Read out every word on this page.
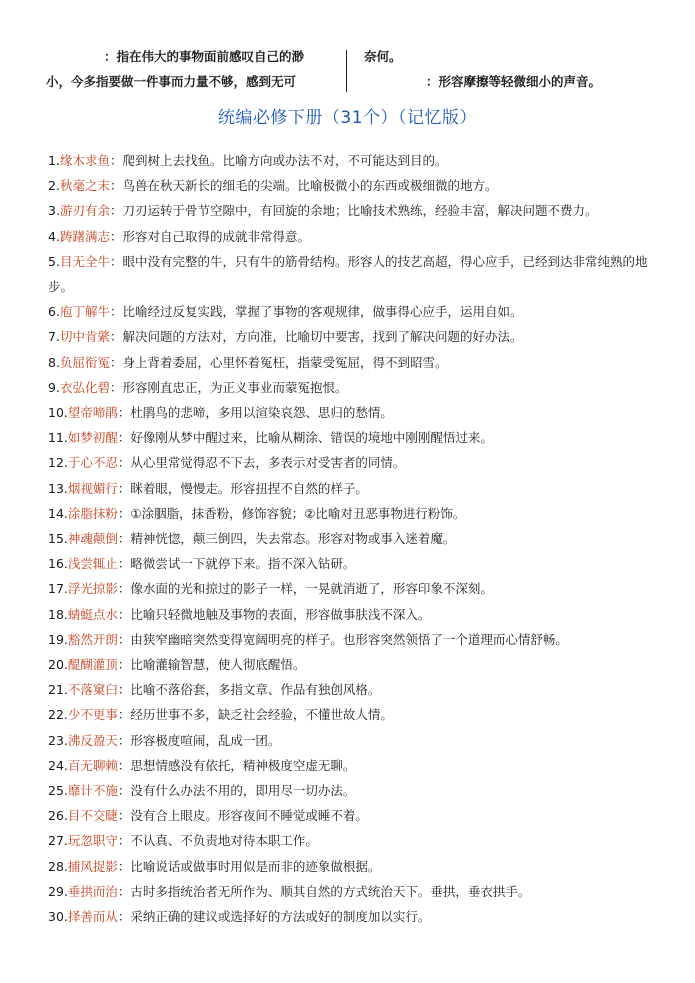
：指在伟大的事物面前感叹自己的渺
小，今多指要做一件事而力量不够，感到无可
奈何。
：形容摩擦等轻微细小的声音。
统编必修下册（31个）（记忆版）
1.缘木求鱼：爬到树上去找鱼。比喻方向或办法不对，不可能达到目的。
2.秋毫之末：鸟兽在秋天新长的细毛的尖端。比喻极微小的东西或极细微的地方。
3.游刃有余：刀刃运转于骨节空隙中，有回旋的余地；比喻技术熟练，经验丰富，解决问题不费力。
4.踌躇满志：形容对自己取得的成就非常得意。
5.目无全牛：眼中没有完整的牛，只有牛的筋骨结构。形容人的技艺高超，得心应手，已经到达非常纯熟的地步。
6.庖丁解牛：比喻经过反复实践，掌握了事物的客观规律，做事得心应手，运用自如。
7.切中肯綮：解决问题的方法对，方向准，比喻切中要害，找到了解决问题的好办法。
8.负屈衔冤：身上背着委屈，心里怀着冤枉，指蒙受冤屈，得不到昭雪。
9.衣弘化碧：形容刚直忠正，为正义事业而蒙冤抱恨。
10.望帝啼鹃：杜鹃鸟的悲啼，多用以渲染哀怨、思归的愁情。
11.如梦初醒：好像刚从梦中醒过来，比喻从糊涂、错误的境地中刚刚醒悟过来。
12.于心不忍：从心里常觉得忍不下去，多表示对受害者的同情。
13.烟视媚行：眯着眼，慢慢走。形容扭捏不自然的样子。
14.涂脂抹粉：①涂胭脂，抹香粉，修饰容貌；②比喻对丑恶事物进行粉饰。
15.神魂颠倒：精神恍惚，颠三倒四，失去常态。形容对物或事入迷着魔。
16.浅尝辄止：略微尝试一下就停下来。指不深入钻研。
17.浮光掠影：像水面的光和掠过的影子一样，一晃就消逝了，形容印象不深刻。
18.蜻蜓点水：比喻只轻微地触及事物的表面，形容做事肤浅不深入。
19.豁然开朗：由狭窄幽暗突然变得宽阔明亮的样子。也形容突然领悟了一个道理而心情舒畅。
20.醍醐灌顶：比喻灌输智慧，使人彻底醒悟。
21.不落窠臼：比喻不落俗套，多指文章、作品有独创风格。
22.少不更事：经历世事不多，缺乏社会经验，不懂世故人情。
23.沸反盈天：形容极度喧闹，乱成一团。
24.百无聊赖：思想情感没有依托，精神极度空虚无聊。
25.靡计不施：没有什么办法不用的，即用尽一切办法。
26.目不交睫：没有合上眼皮。形容夜间不睡觉或睡不着。
27.玩忽职守：不认真、不负责地对待本职工作。
28.捕风捉影：比喻说话或做事时用似是而非的迹象做根据。
29.垂拱而治：古时多指统治者无所作为、顺其自然的方式统治天下。垂拱，垂衣拱手。
30.择善而从：采纳正确的建议或选择好的方法或好的制度加以实行。
